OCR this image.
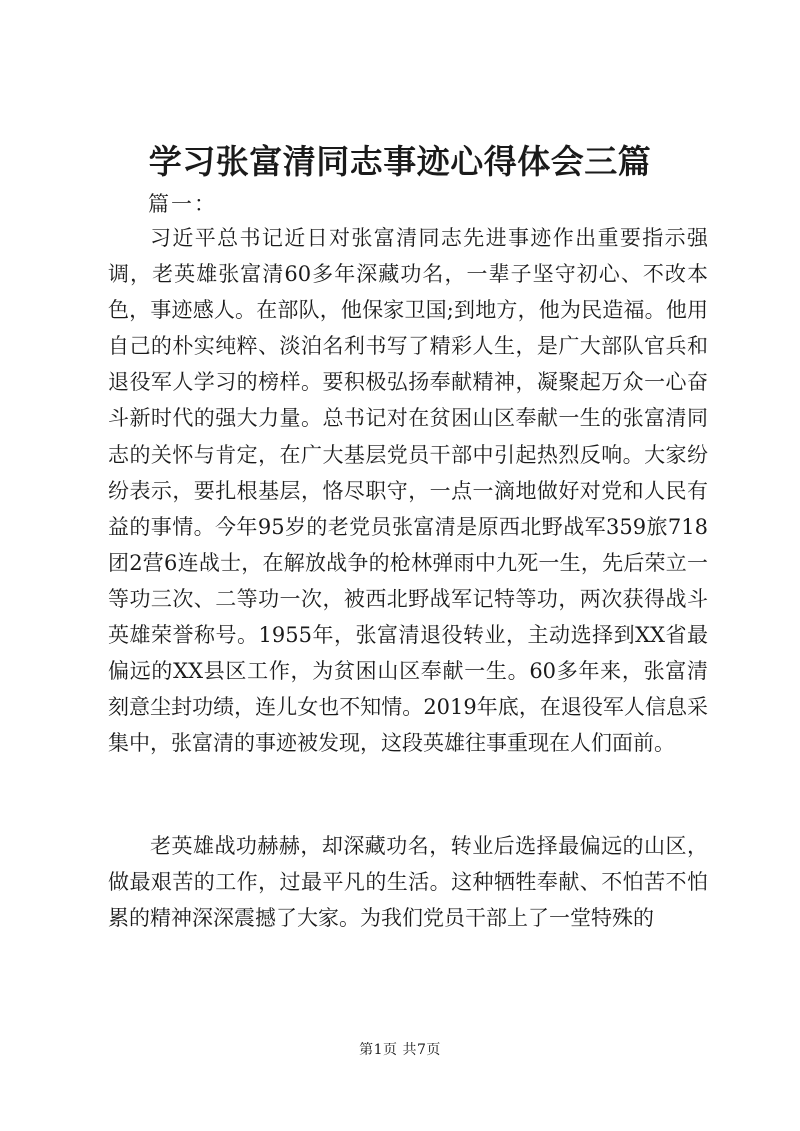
学习张富清同志事迹心得体会三篇
篇一：

习近平总书记近日对张富清同志先进事迹作出重要指示强调，老英雄张富清60多年深藏功名，一辈子坚守初心、不改本色，事迹感人。在部队，他保家卫国;到地方，他为民造福。他用自己的朴实纯粹、淡泊名利书写了精彩人生，是广大部队官兵和退役军人学习的榜样。要积极弘扬奉献精神，凝聚起万众一心奋斗新时代的强大力量。总书记对在贫困山区奉献一生的张富清同志的关怀与肯定，在广大基层党员干部中引起热烈反响。大家纷纷表示，要扎根基层，恪尽职守，一点一滴地做好对党和人民有益的事情。今年95岁的老党员张富清是原西北野战军359旅718团2营6连战士，在解放战争的枪林弹雨中九死一生，先后荣立一等功三次、二等功一次，被西北野战军记特等功，两次获得战斗英雄荣誉称号。1955年，张富清退役转业，主动选择到XX省最偏远的XX县区工作，为贫困山区奉献一生。60多年来，张富清刻意尘封功绩，连儿女也不知情。2019年底，在退役军人信息采集中，张富清的事迹被发现，这段英雄往事重现在人们面前。

老英雄战功赫赫，却深藏功名，转业后选择最偏远的山区，做最艰苦的工作，过最平凡的生活。这种牺牲奉献、不怕苦不怕累的精神深深震撼了大家。为我们党员干部上了一堂特殊的

第1页 共7页
